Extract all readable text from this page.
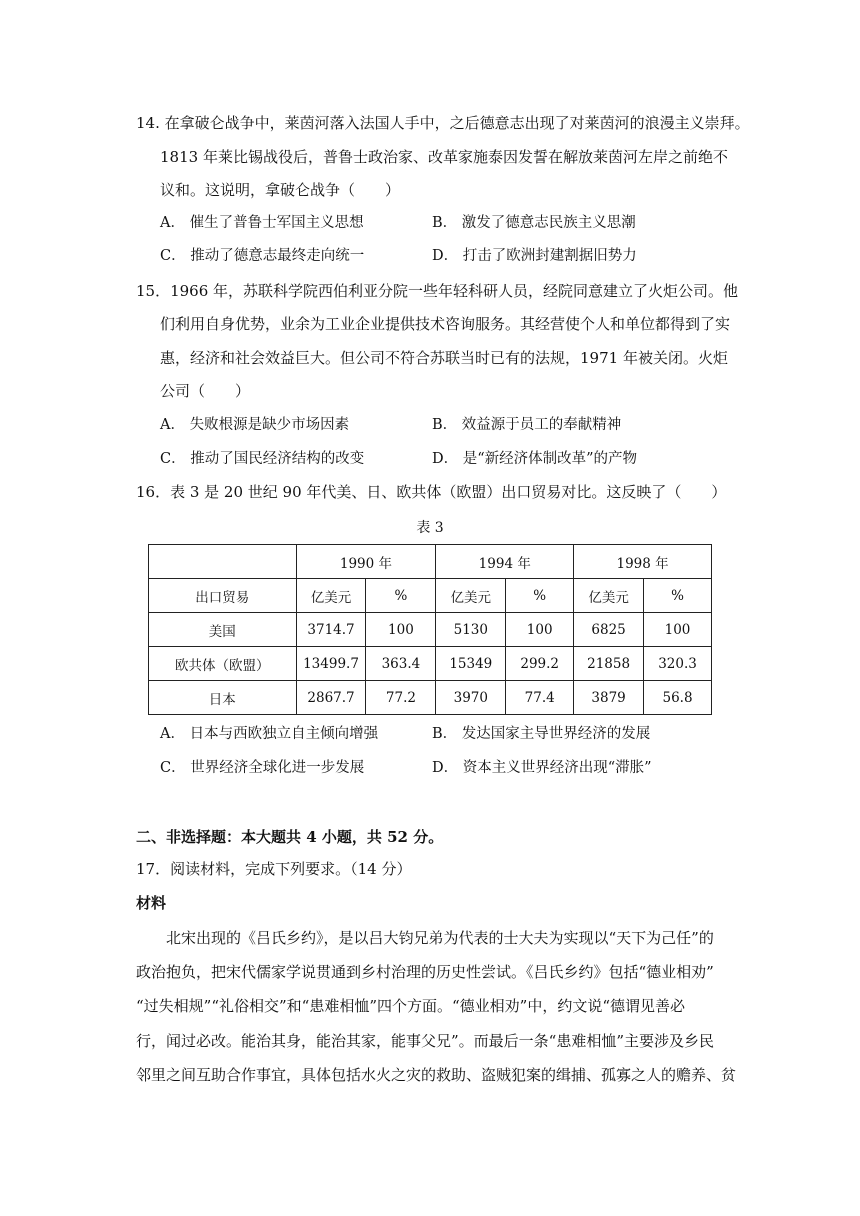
14. 在拿破仑战争中，莱茵河落入法国人手中，之后德意志出现了对莱茵河的浪漫主义崇拜。
1813 年莱比锡战役后，普鲁士政治家、改革家施泰因发誓在解放莱茵河左岸之前绝不
议和。这说明，拿破仑战争（　　）
A． 催生了普鲁士军国主义思想	B． 激发了德意志民族主义思潮
C． 推动了德意志最终走向统一	D． 打击了欧洲封建割据旧势力
15．1966 年，苏联科学院西伯利亚分院一些年轻科研人员，经院同意建立了火炬公司。他
们利用自身优势，业余为工业企业提供技术咨询服务。其经营使个人和单位都得到了实
惠，经济和社会效益巨大。但公司不符合苏联当时已有的法规，1971 年被关闭。火炬
公司（　　）
A． 失败根源是缺少市场因素	B． 效益源于员工的奉献精神
C． 推动了国民经济结构的改变	D． 是“新经济体制改革”的产物
16．表 3 是 20 世纪 90 年代美、日、欧共体（欧盟）出口贸易对比。这反映了（　　）
表 3
	1990 年		1994 年		1998 年	
出口贸易	亿美元	%	亿美元	%	亿美元	%
美国	3714.7	100	5130	100	6825	100
欧共体（欧盟）	13499.7	363.4	15349	299.2	21858	320.3
日本	2867.7	77.2	3970	77.4	3879	56.8
A． 日本与西欧独立自主倾向增强	B． 发达国家主导世界经济的发展
C． 世界经济全球化进一步发展	D． 资本主义世界经济出现“滞胀”
二、非选择题：本大题共 4 小题，共 52 分。
17．阅读材料，完成下列要求。（14 分）
材料
北宋出现的《吕氏乡约》，是以吕大钧兄弟为代表的士大夫为实现以“天下为己任”的
政治抱负，把宋代儒家学说贯通到乡村治理的历史性尝试。《吕氏乡约》包括“德业相劝”
“过失相规”“礼俗相交”和“患难相恤”四个方面。“德业相劝”中，约文说“德谓见善必
行，闻过必改。能治其身，能治其家，能事父兄”。而最后一条“患难相恤”主要涉及乡民
邻里之间互助合作事宜，具体包括水火之灾的救助、盗贼犯案的缉捕、孤寡之人的赡养、贫
